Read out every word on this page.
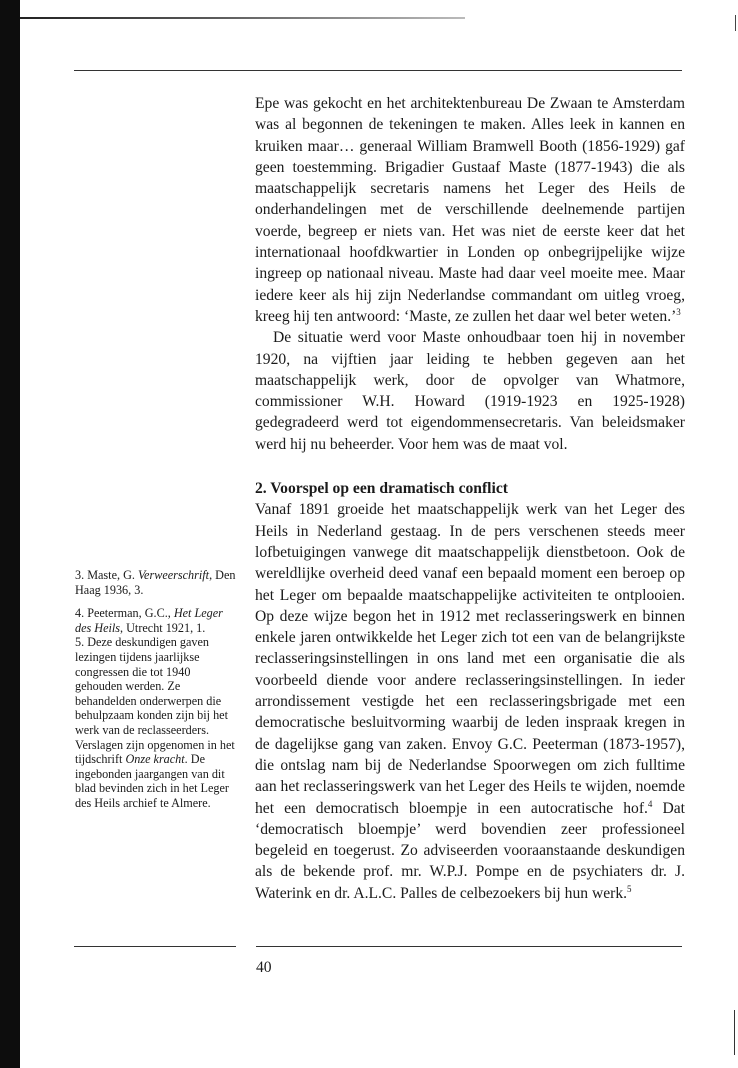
Epe was gekocht en het architektenbureau De Zwaan te Amsterdam was al begonnen de tekeningen te maken. Alles leek in kannen en kruiken maar… generaal William Bramwell Booth (1856-1929) gaf geen toestemming. Brigadier Gustaaf Maste (1877-1943) die als maatschappelijk secretaris namens het Leger des Heils de onderhandelingen met de verschillende deelnemende partijen voerde, begreep er niets van. Het was niet de eerste keer dat het internationaal hoofdkwartier in Londen op onbegrijpelijke wijze ingreep op nationaal niveau. Maste had daar veel moeite mee. Maar iedere keer als hij zijn Nederlandse commandant om uitleg vroeg, kreeg hij ten antwoord: ‘Maste, ze zullen het daar wel beter weten.’$^3$

De situatie werd voor Maste onhoudbaar toen hij in november 1920, na vijftien jaar leiding te hebben gegeven aan het maatschappelijk werk, door de opvolger van Whatmore, commissioner W.H. Howard (1919-1923 en 1925-1928) gedegradeerd werd tot eigendommensecretaris. Van beleidsmaker werd hij nu beheerder. Voor hem was de maat vol.

2. Voorspel op een dramatisch conflict

Vanaf 1891 groeide het maatschappelijk werk van het Leger des Heils in Nederland gestaag. In de pers verschenen steeds meer lofbetuigingen vanwege dit maatschappelijk dienstbetoon. Ook de wereldlijke overheid deed vanaf een bepaald moment een beroep op het Leger om bepaalde maatschappelijke activiteiten te ontplooien. Op deze wijze begon het in 1912 met reclasseringswerk en binnen enkele jaren ontwikkelde het Leger zich tot een van de belangrijkste reclasseringsinstellingen in ons land met een organisatie die als voorbeeld diende voor andere reclasseringsinstellingen. In ieder arrondissement vestigde het een reclasseringsbrigade met een democratische besluitvorming waarbij de leden inspraak kregen in de dagelijkse gang van zaken. Envoy G.C. Peeterman (1873-1957), die ontslag nam bij de Nederlandse Spoorwegen om zich fulltime aan het reclasseringswerk van het Leger des Heils te wijden, noemde het een democratisch bloempje in een autocratische hof.$^4$ Dat ‘democratisch bloempje’ werd bovendien zeer professioneel begeleid en toegerust. Zo adviseerden vooraanstaande deskundigen als de bekende prof. mr. W.P.J. Pompe en de psychiaters dr. J. Waterink en dr. A.L.C. Palles de celbezoekers bij hun werk.$^5$

3. Maste, G. Verweerschrift, Den Haag 1936, 3.

4. Peeterman, G.C., Het Leger des Heils, Utrecht 1921, 1.

5. Deze deskundigen gaven lezingen tijdens jaarlijkse congressen die tot 1940 gehouden werden. Ze behandelden onderwerpen die behulpzaam konden zijn bij het werk van de reclasseerders. Verslagen zijn opgenomen in het tijdschrift Onze kracht. De ingebonden jaargangen van dit blad bevinden zich in het Leger des Heils archief te Almere.

40
